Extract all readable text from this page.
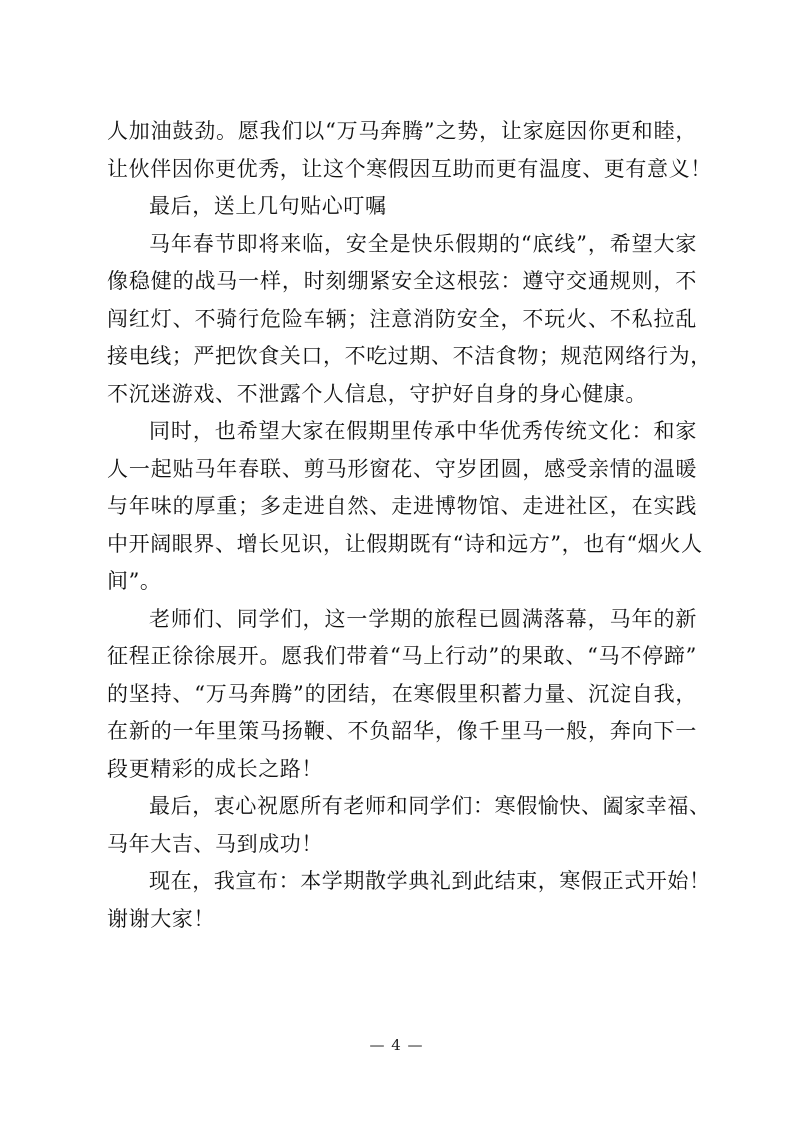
人加油鼓劲。愿我们以“万马奔腾”之势，让家庭因你更和睦，
让伙伴因你更优秀，让这个寒假因互助而更有温度、更有意义！
最后，送上几句贴心叮嘱
马年春节即将来临，安全是快乐假期的“底线”，希望大家
像稳健的战马一样，时刻绷紧安全这根弦：遵守交通规则，不
闯红灯、不骑行危险车辆；注意消防安全，不玩火、不私拉乱
接电线；严把饮食关口，不吃过期、不洁食物；规范网络行为，
不沉迷游戏、不泄露个人信息，守护好自身的身心健康。
同时，也希望大家在假期里传承中华优秀传统文化：和家
人一起贴马年春联、剪马形窗花、守岁团圆，感受亲情的温暖
与年味的厚重；多走进自然、走进博物馆、走进社区，在实践
中开阔眼界、增长见识，让假期既有“诗和远方”，也有“烟火人
间”。
老师们、同学们，这一学期的旅程已圆满落幕，马年的新
征程正徐徐展开。愿我们带着“马上行动”的果敢、“马不停蹄”
的坚持、“万马奔腾”的团结，在寒假里积蓄力量、沉淀自我，
在新的一年里策马扬鞭、不负韶华，像千里马一般，奔向下一
段更精彩的成长之路！
最后，衷心祝愿所有老师和同学们：寒假愉快、阖家幸福、
马年大吉、马到成功！
现在，我宣布：本学期散学典礼到此结束，寒假正式开始！
谢谢大家！
— 4 —
